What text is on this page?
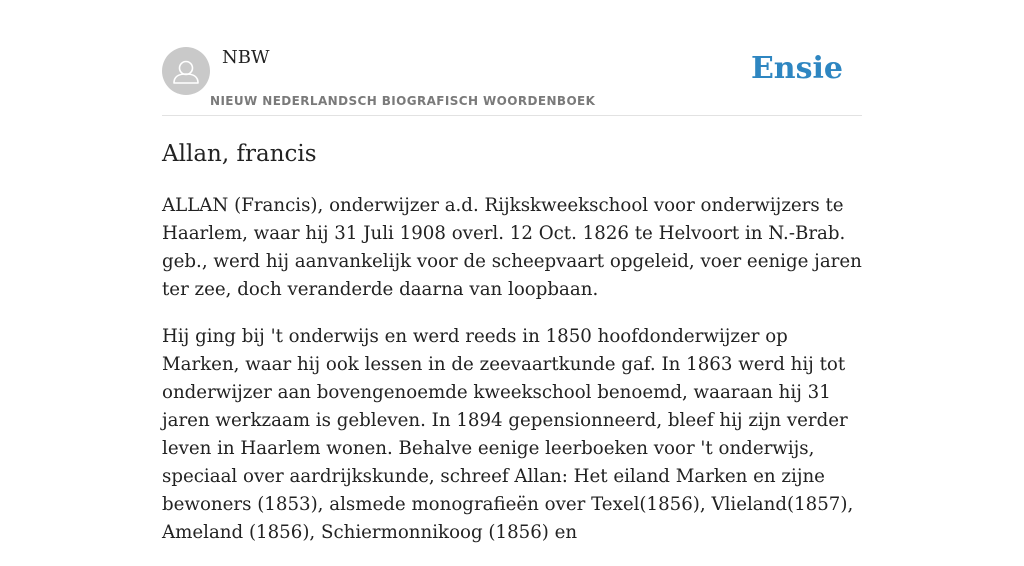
NBW
NIEUW NEDERLANDSCH BIOGRAFISCH WOORDENBOEK
Ensie
Allan, francis

ALLAN (Francis), onderwijzer a.d. Rijkskweekschool voor onderwijzers te Haarlem, waar hij 31 Juli 1908 overl. 12 Oct. 1826 te Helvoort in N.-Brab. geb., werd hij aanvankelijk voor de scheepvaart opgeleid, voer eenige jaren ter zee, doch veranderde daarna van loopbaan.

Hij ging bij 't onderwijs en werd reeds in 1850 hoofdonderwijzer op Marken, waar hij ook lessen in de zeevaartkunde gaf. In 1863 werd hij tot onderwijzer aan bovengenoemde kweekschool benoemd, waaraan hij 31 jaren werkzaam is gebleven. In 1894 gepensionneerd, bleef hij zijn verder leven in Haarlem wonen. Behalve eenige leerboeken voor 't onderwijs, speciaal over aardrijkskunde, schreef Allan: Het eiland Marken en zijne bewoners (1853), alsmede monografieën over Texel(1856), Vlieland(1857), Ameland (1856), Schiermonnikoog (1856) en
